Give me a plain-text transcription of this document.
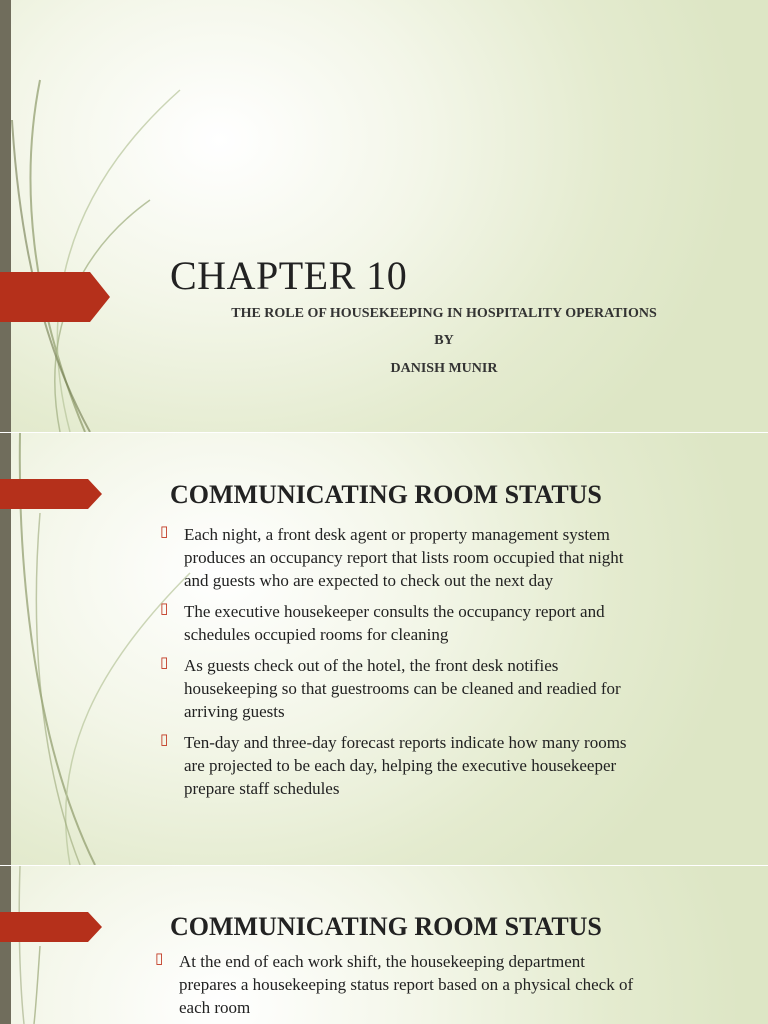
CHAPTER 10

THE ROLE OF HOUSEKEEPING IN HOSPITALITY OPERATIONS

BY

DANISH MUNIR

COMMUNICATING ROOM STATUS
▯ Each night, a front desk agent or property management system
produces an occupancy report that lists room occupied that night
and guests who are expected to check out the next day
▯ The executive housekeeper consults the occupancy report and
schedules occupied rooms for cleaning
▯ As guests check out of the hotel, the front desk notifies
housekeeping so that guestrooms can be cleaned and readied for
arriving guests
▯ Ten-day and three-day forecast reports indicate how many rooms
are projected to be each day, helping the executive housekeeper
prepare staff schedules
COMMUNICATING ROOM STATUS
▯ At the end of each work shift, the housekeeping department
prepares a housekeeping status report based on a physical check of
each room
